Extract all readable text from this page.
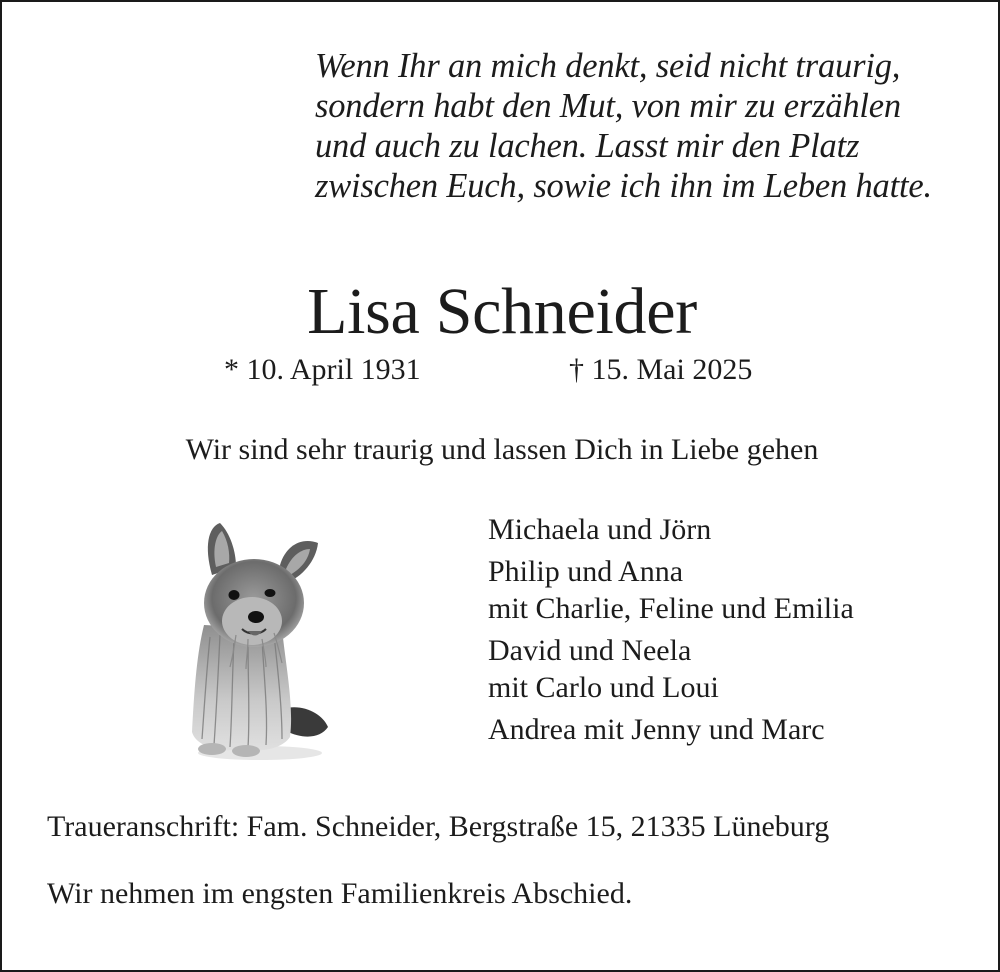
Wenn Ihr an mich denkt, seid nicht traurig,
sondern habt den Mut, von mir zu erzählen
und auch zu lachen. Lasst mir den Platz
zwischen Euch, sowie ich ihn im Leben hatte.
Lisa Schneider
* 10. April 1931	† 15. Mai 2025
Wir sind sehr traurig und lassen Dich in Liebe gehen
Michaela und Jörn
Philip und Anna
mit Charlie, Feline und Emilia
David und Neela
mit Carlo und Loui
Andrea mit Jenny und Marc
Traueranschrift: Fam. Schneider, Bergstraße 15, 21335 Lüneburg
Wir nehmen im engsten Familienkreis Abschied.
